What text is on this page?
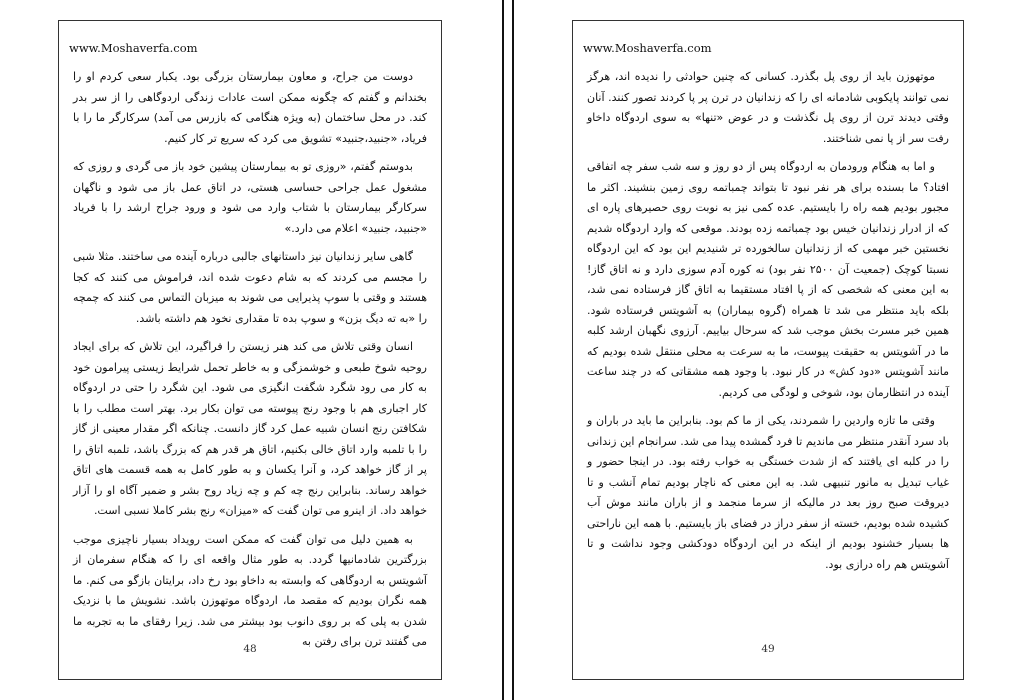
www.Moshaverfa.com

دوست من جراح، و معاون بیمارستان بزرگی بود. یکبار سعی کردم او را بخندانم و گفتم که چگونه ممکن است عادات زندگی اردوگاهی را از سر بدر کند. در محل ساختمان (به ویژه هنگامی که بازرس می آمد) سرکارگر ما را با فریاد، «جنبید،جنبید» تشویق می کرد که سریع تر کار کنیم.

بدوستم گفتم، «روزی تو به بیمارستان پیشین خود باز می گردی و روزی که مشغول عمل جراحی حساسی هستی، در اتاق عمل باز می شود و ناگهان سرکارگر بیمارستان با شتاب وارد می شود و ورود جراح ارشد را با فریاد «جنبید، جنبید» اعلام می دارد.»

گاهی سایر زندانیان نیز داستانهای جالبی درباره آینده می ساختند. مثلا شبی را مجسم می کردند که به شام دعوت شده اند، فراموش می کنند که کجا هستند و وقتی با سوپ پذیرایی می شوند به میزبان التماس می کنند که چمچه را «به ته دیگ بزن» و سوپ بده تا مقداری نخود هم داشته باشد.

انسان وقتی تلاش می کند هنر زیستن را فراگیرد، این تلاش که برای ایجاد روحیه شوخ طبعی و خوشمزگی و به خاطر تحمل شرایط زیستی پیرامون خود به کار می رود شگرد شگفت انگیزی می شود. این شگرد را حتی در اردوگاه کار اجباری هم با وجود رنج پیوسته می توان بکار برد. بهتر است مطلب را با شکافتن رنج انسان شبیه عمل کرد گاز دانست. چنانکه اگر مقدار معینی از گاز را با تلمبه وارد اتاق خالی بکنیم، اتاق هر قدر هم که بزرگ باشد، تلمبه اتاق را پر از گاز خواهد کرد، و آنرا یکسان و به طور کامل به همه قسمت های اتاق خواهد رساند. بنابراین رنج چه کم و چه زیاد روح بشر و ضمیر آگاه او را آزار خواهد داد. از اینرو می توان گفت که «میزان» رنج بشر کاملا نسبی است.

به همین دلیل می توان گفت که ممکن است رویداد بسیار ناچیزی موجب بزرگترین شادمانیها گردد. به طور مثال واقعه ای را که هنگام سفرمان از آشویتس به اردوگاهی که وابسته به داخاو بود رخ داد، برایتان بازگو می کنم. ما همه نگران بودیم که مقصد ما، اردوگاه موتهوزن باشد. نشویش ما با نزدیک شدن به پلی که بر روی دانوب بود بیشتر می شد. زیرا رفقای ما به تجربه ما می گفتند ترن برای رفتن به

48
www.Moshaverfa.com

موتهوزن باید از روی پل بگذرد. کسانی که چنین حوادثی را ندیده اند، هرگز نمی توانند پایکوبی شادمانه ای را که زندانیان در ترن پر پا کردند تصور کنند. آنان وقتی دیدند ترن از روی پل نگذشت و در عوض «تنها» به سوی اردوگاه داخاو رفت سر از پا نمی شناختند.

و اما به هنگام ورودمان به اردوگاه پس از دو روز و سه شب سفر چه اتفاقی افتاد؟ ما بسنده برای هر نفر نبود تا بتواند چمباتمه روی زمین بنشیند. اکثر ما مجبور بودیم همه راه را بایستیم. عده کمی نیز به نوبت روی حصیرهای پاره ای که از ادرار زندانیان خیس بود چمباتمه زده بودند. موقعی که وارد اردوگاه شدیم نخستین خبر مهمی که از زندانیان سالخورده تر شنیدیم این بود که این اردوگاه نسبتا کوچک (جمعیت آن ۲۵۰۰ نفر بود) نه کوره آدم سوزی دارد و نه اتاق گاز! به این معنی که شخصی که از پا افتاد مستقیما به اتاق گاز فرستاده نمی شد، بلکه باید منتظر می شد تا همراه (گروه بیماران) به آشویتس فرستاده شود. همین خبر مسرت بخش موجب شد که سرحال بیاییم. آرزوی نگهبان ارشد کلبه ما در آشویتس به حقیقت پیوست، ما به سرعت به محلی منتقل شده بودیم که مانند آشویتس «دود کش» در کار نبود. با وجود همه مشقاتی که در چند ساعت آینده در انتظارمان بود، شوخی و لودگی می کردیم.

وقتی ما تازه واردین را شمردند، یکی از ما کم بود. بنابراین ما باید در باران و باد سرد آنقدر منتظر می ماندیم تا فرد گمشده پیدا می شد. سرانجام این زندانی را در کلبه ای یافتند که از شدت خستگی به خواب رفته بود. در اینجا حضور و غیاب تبدیل به مانور تنبیهی شد. به این معنی که ناچار بودیم تمام آنشب و تا دیروقت صبح روز بعد در مالیکه از سرما منجمد و از باران مانند موش آب کشیده شده بودیم، خسته از سفر دراز در فضای باز بایستیم. با همه این ناراحتی ها بسیار خشنود بودیم از اینکه در این اردوگاه دودکشی وجود نداشت و تا آشویتس هم راه درازی بود.

49
